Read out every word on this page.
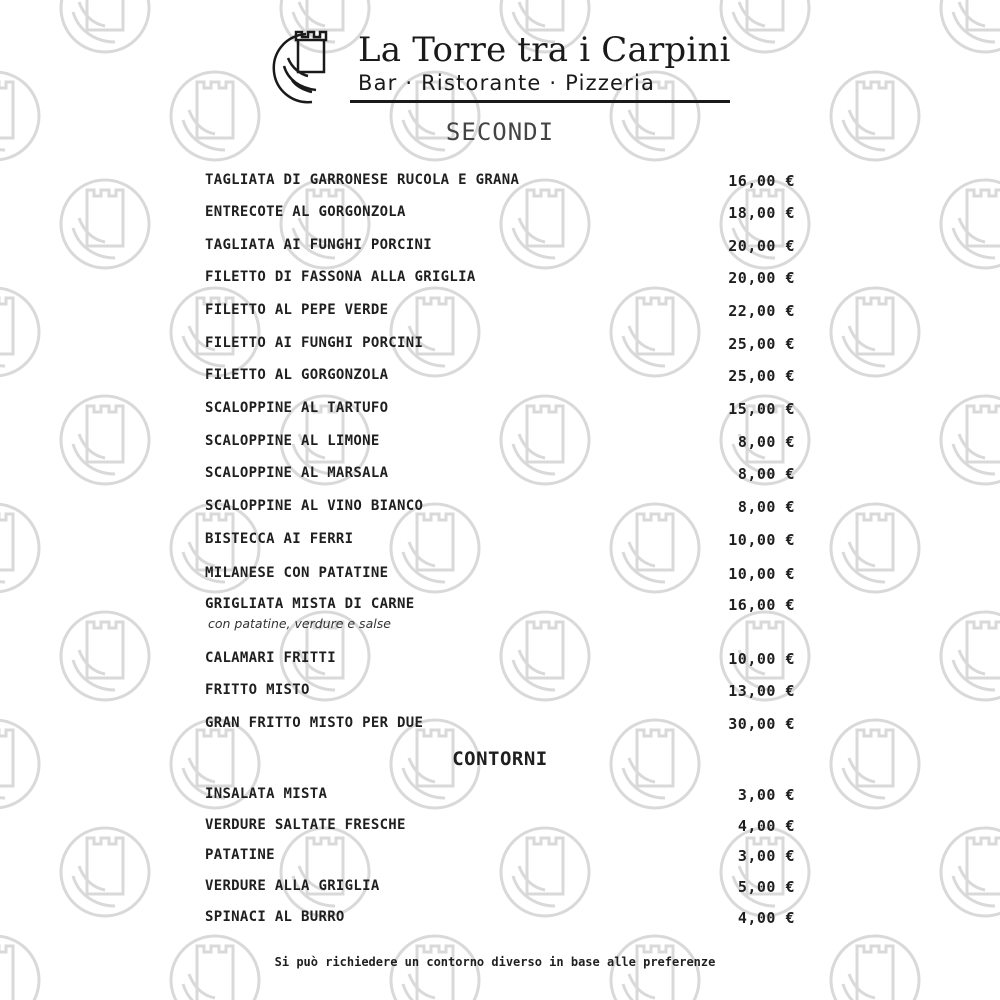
La Torre tra i Carpini
Bar · Ristorante · Pizzeria
SECONDI
TAGLIATA DI GARRONESE RUCOLA E GRANA	16,00 €
ENTRECOTE AL GORGONZOLA	18,00 €
TAGLIATA AI FUNGHI PORCINI	20,00 €
FILETTO DI FASSONA ALLA GRIGLIA	20,00 €
FILETTO AL PEPE VERDE	22,00 €
FILETTO AI FUNGHI PORCINI	25,00 €
FILETTO AL GORGONZOLA	25,00 €
SCALOPPINE AL TARTUFO	15,00 €
SCALOPPINE AL LIMONE	8,00 €
SCALOPPINE AL MARSALA	8,00 €
SCALOPPINE AL VINO BIANCO	8,00 €
BISTECCA AI FERRI	10,00 €
MILANESE CON PATATINE	10,00 €
GRIGLIATA MISTA DI CARNE	16,00 €
con patatine, verdure e salse
CALAMARI FRITTI	10,00 €
FRITTO MISTO	13,00 €
GRAN FRITTO MISTO PER DUE	30,00 €
CONTORNI
INSALATA MISTA	3,00 €
VERDURE SALTATE FRESCHE	4,00 €
PATATINE	3,00 €
VERDURE ALLA GRIGLIA	5,00 €
SPINACI AL BURRO	4,00 €
Si può richiedere un contorno diverso in base alle preferenze
